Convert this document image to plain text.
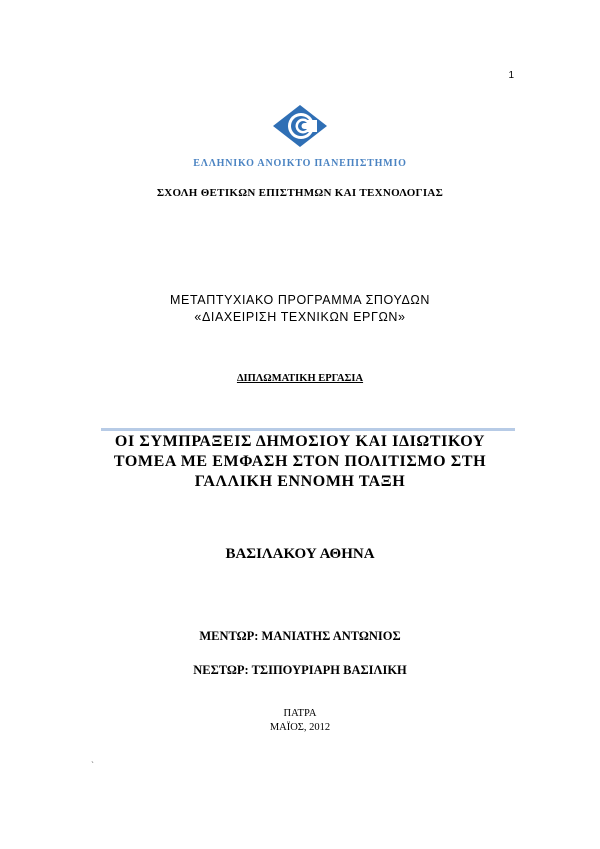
1
ΕΛΛΗΝΙΚΟ ΑΝΟΙΚΤΟ ΠΑΝΕΠΙΣΤΗΜΙΟ
ΣΧΟΛΗ ΘΕΤΙΚΩΝ ΕΠΙΣΤΗΜΩΝ ΚΑΙ ΤΕΧΝΟΛΟΓΙΑΣ
ΜΕΤΑΠΤΥΧΙΑΚΟ ΠΡΟΓΡΑΜΜΑ ΣΠΟΥΔΩΝ
«ΔΙΑΧΕΙΡΙΣΗ ΤΕΧΝΙΚΩΝ ΕΡΓΩΝ»
ΔΙΠΛΩΜΑΤΙΚΗ ΕΡΓΑΣΙΑ
ΟΙ ΣΥΜΠΡΑΞΕΙΣ ΔΗΜΟΣΙΟΥ ΚΑΙ ΙΔΙΩΤΙΚΟΥ
ΤΟΜΕΑ ΜΕ ΕΜΦΑΣΗ ΣΤΟΝ ΠΟΛΙΤΙΣΜΟ ΣΤΗ
ΓΑΛΛΙΚΗ ΕΝΝΟΜΗ ΤΑΞΗ
ΒΑΣΙΛΑΚΟΥ ΑΘΗΝΑ
ΜΕΝΤΩΡ: ΜΑΝΙΑΤΗΣ ΑΝΤΩΝΙΟΣ
ΝΕΣΤΩΡ: ΤΣΙΠΟΥΡΙΑΡΗ ΒΑΣΙΛΙΚΗ
ΠΑΤΡΑ
ΜΑΪΟΣ, 2012
`
